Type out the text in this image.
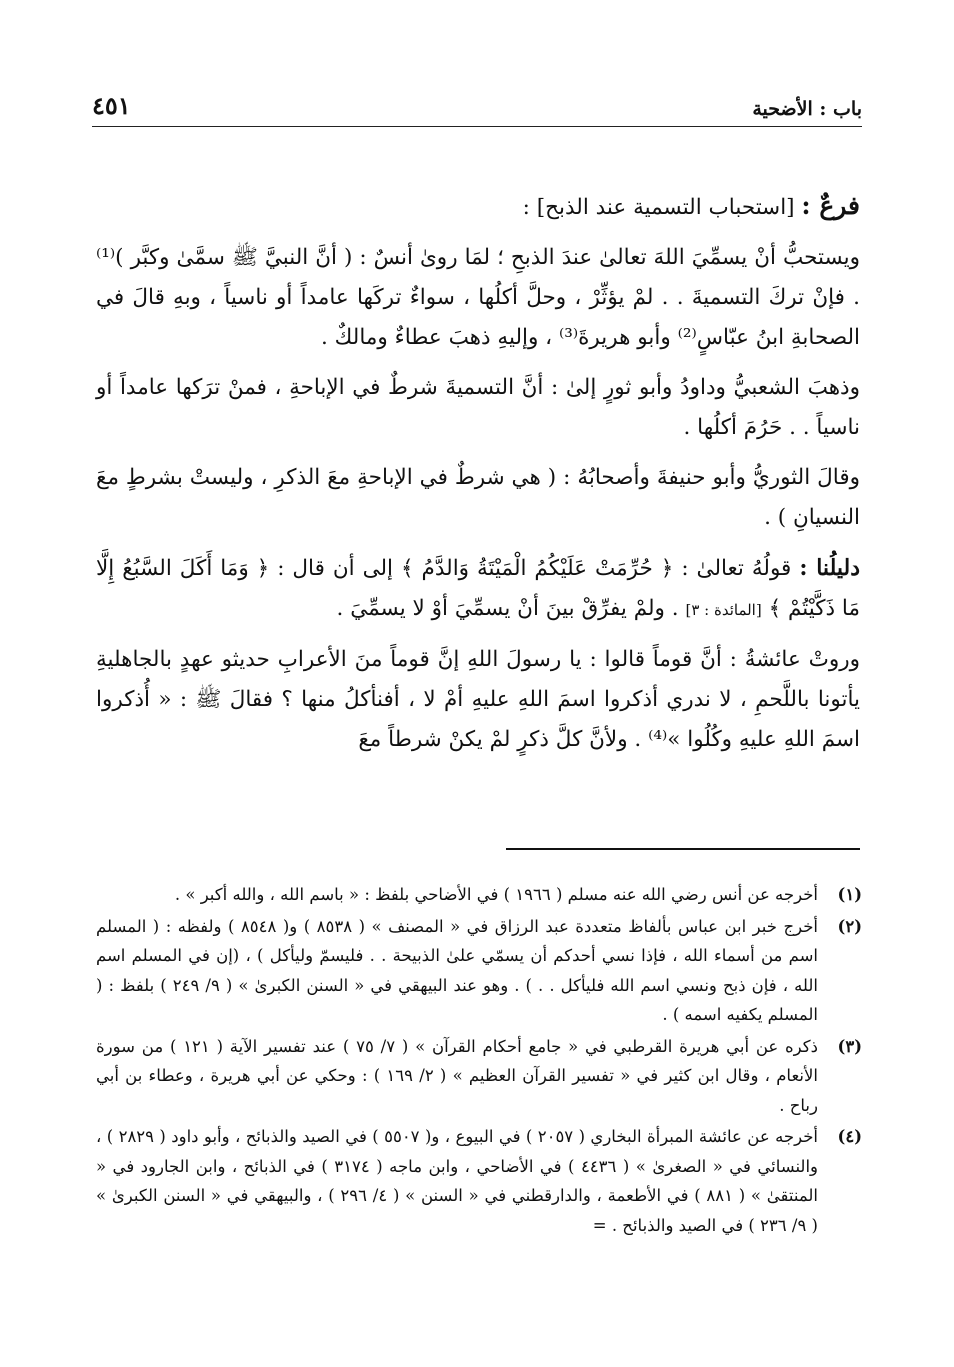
باب : الأضحية
٤٥١

فرعٌ : [استحباب التسمية عند الذبح] :

ويستحبُّ أنْ يسمِّيَ اللهَ تعالىٰ عندَ الذبحِ ؛ لمَا روىٰ أنسٌ : ( أنَّ النبيَّ ﷺ سمَّىٰ وكبَّر )⁽¹⁾ . فإنْ تركَ التسميةَ . . لمْ يؤثِّرْ ، وحلَّ أكلُها ، سواءٌ تركَها عامداً أو ناسياً ، وبهِ قالَ في الصحابةِ ابنُ عبّاسٍ⁽²⁾ وأبو هريرةَ⁽³⁾ ، وإليهِ ذهبَ عطاءٌ ومالكٌ .

وذهبَ الشعبيُّ وداودُ وأبو ثورٍ إلىٰ : أنَّ التسميةَ شرطٌ في الإباحةِ ، فمنْ ترَكها عامداً أو ناسياً . . حَرُمَ أكلُها .

وقالَ الثوريُّ وأبو حنيفةَ وأصحابُهُ : ( هي شرطٌ في الإباحةِ معَ الذكرِ ، وليستْ بشرطٍ معَ النسيانِ ) .

دليلُنا : قولُهُ تعالىٰ : ﴿ حُرِّمَتْ عَلَيْكُمُ الْمَيْتَةُ وَالدَّمُ ﴾ إلى أن قال : ﴿ وَمَا أَكَلَ السَّبُعُ إِلَّا مَا ذَكَّيْتُمْ ﴾ [المائدة : ٣] . ولمْ يفرِّقْ بينَ أنْ يسمِّيَ أوْ لا يسمِّيَ .

وروتْ عائشةُ : أنَّ قوماً قالوا : يا رسولَ اللهِ إنَّ قوماً منَ الأعرابِ حديثو عهدٍ بالجاهليةِ يأتونا باللَّحمِ ، لا ندري أذكروا اسمَ اللهِ عليهِ أمْ لا ، أفنأكلُ منها ؟ فقالَ ﷺ : « أُذكروا اسمَ اللهِ عليهِ وكُلُوا »⁽⁴⁾ . ولأنَّ كلَّ ذكرٍ لمْ يكنْ شرطاً معَ

(١)
أخرجه عن أنس رضي الله عنه مسلم ( ١٩٦٦ ) في الأضاحي بلفظ : « باسم الله ، والله أكبر » .
(٢)
أخرج خبر ابن عباس بألفاظ متعددة عبد الرزاق في « المصنف » ( ٨٥٣٨ ) و( ٨٥٤٨ ) ولفظه : ( المسلم اسم من أسماء الله ، فإذا نسي أحدكم أن يسمّي علىٰ الذبيحة . . فليسمّ وليأكل ) ، (إن في المسلم اسم الله ، فإن ذبح ونسي اسم الله فليأكل . . ) . وهو عند البيهقي في « السنن الكبرىٰ » ( ٩/ ٢٤٩ ) بلفظ : ( المسلم يكفيه اسمه ) .
(٣)
ذكره عن أبي هريرة القرطبي في « جامع أحكام القرآن » ( ٧/ ٧٥ ) عند تفسير الآية ( ١٢١ ) من سورة الأنعام ، وقال ابن كثير في « تفسير القرآن العظيم » ( ٢/ ١٦٩ ) : وحكي عن أبي هريرة ، وعطاء بن أبي رباح .
(٤)
أخرجه عن عائشة المبرأة البخاري ( ٢٠٥٧ ) في البيوع ، و( ٥٥٠٧ ) في الصيد والذبائح ، وأبو داود ( ٢٨٢٩ ) ، والنسائي في « الصغرىٰ » ( ٤٤٣٦ ) في الأضاحي ، وابن ماجه ( ٣١٧٤ ) في الذبائح ، وابن الجارود في « المنتقىٰ » ( ٨٨١ ) في الأطعمة ، والدارقطني في « السنن » ( ٤/ ٢٩٦ ) ، والبيهقي في « السنن الكبرىٰ » ( ٩/ ٢٣٦ ) في الصيد والذبائح . =
